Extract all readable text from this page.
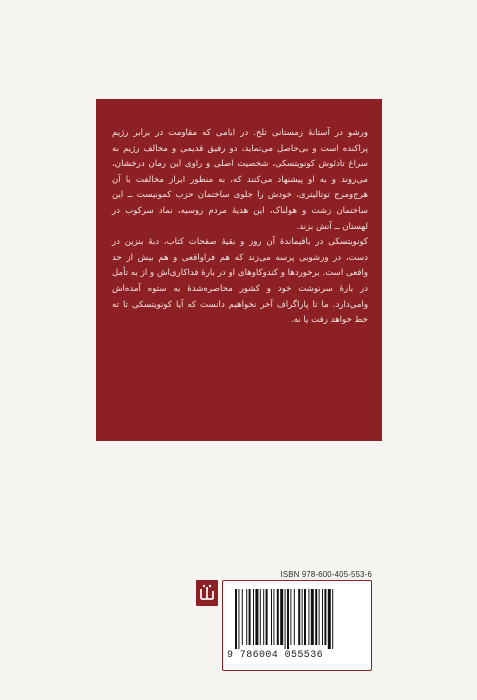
ورشو در آستانهٔ زمستانی تلخ. در ایامی که مقاومت در برابر رژیم پراکنده است و بی‌حاصل می‌نماید، دو رفیق قدیمی و مخالف رژیم به سراغ تادئوش کونویتسکی، شخصیت اصلی و راوی این رمان درخشان، می‌روند و به او پیشنهاد می‌کنند که، به منظور ابراز مخالفت با آن هرج‌ومرج توتالیتری، خودش را جلوی ساختمان حزب کمونیست ــ این ساختمان زشت و هولناک، این هدیهٔ مردم روسیه، نماد سرکوب در لهستان ــ آتش بزند.

کونویتسکی در باقیماندهٔ آن روز و بقیهٔ صفحات کتاب، دبهٔ بنزین در دست، در ورشوبی پرسه می‌زند که هم فراواقعی و هم بیش از حد واقعی است. برخوردها و کندوکاوهای او در بارهٔ فداکاری‌اش و از به تأمل در بارهٔ سرنوشت خود و کشور محاصره‌شده‌ٔ به ستوه آمده‌اش وامی‌دارد. ما تا پاراگراف آخر نخواهیم دانست که آیا کونویتسکی تا ته خط خواهد رفت یا نه.

ISBN 978-600-405-553-6
9 786004 055536
